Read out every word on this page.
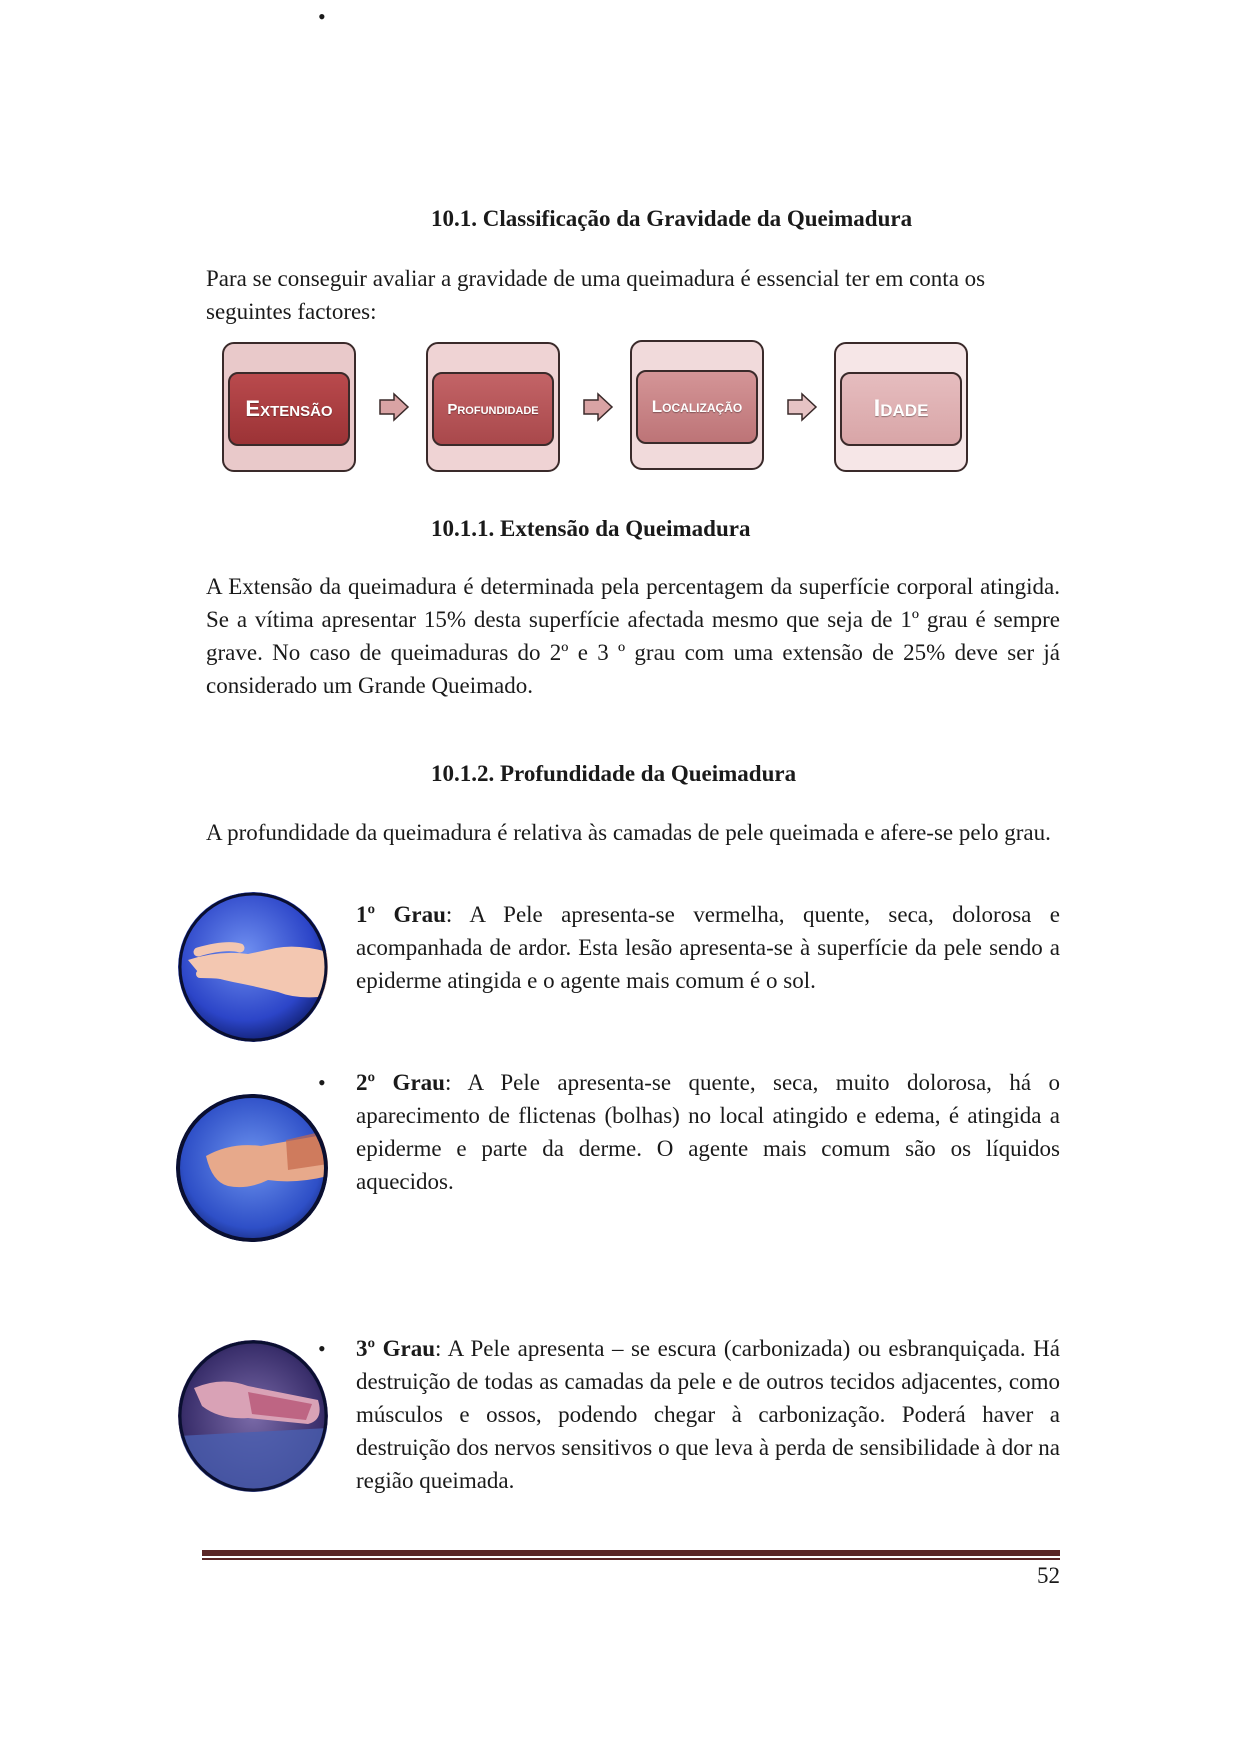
10.1. Classificação da Gravidade da Queimadura
Para se conseguir avaliar a gravidade de uma queimadura é essencial ter em conta os seguintes factores:
Extensão	Profundidade	Localização	Idade
10.1.1. Extensão da Queimadura
A Extensão da queimadura é determinada pela percentagem da superfície corporal atingida. Se a vítima apresentar 15% desta superfície afectada mesmo que seja de 1º grau é sempre grave. No caso de queimaduras do 2º e 3 º grau com uma extensão de 25% deve ser já considerado um Grande Queimado.
10.1.2. Profundidade da Queimadura
A profundidade da queimadura é relativa às camadas de pele queimada e afere-se pelo grau.
•
1º Grau: A Pele apresenta-se vermelha, quente, seca, dolorosa e acompanhada de ardor. Esta lesão apresenta-se à superfície da pele sendo a epiderme atingida e o agente mais comum é o sol.
• 2º Grau: A Pele apresenta-se quente, seca, muito dolorosa, há o aparecimento de flictenas (bolhas) no local atingido e edema, é atingida a epiderme e parte da derme. O agente mais comum são os líquidos aquecidos.
• 3º Grau: A Pele apresenta – se escura (carbonizada) ou esbranquiçada. Há destruição de todas as camadas da pele e de outros tecidos adjacentes, como músculos e ossos, podendo chegar à carbonização. Poderá haver a destruição dos nervos sensitivos o que leva à perda de sensibilidade à dor na região queimada.
52
